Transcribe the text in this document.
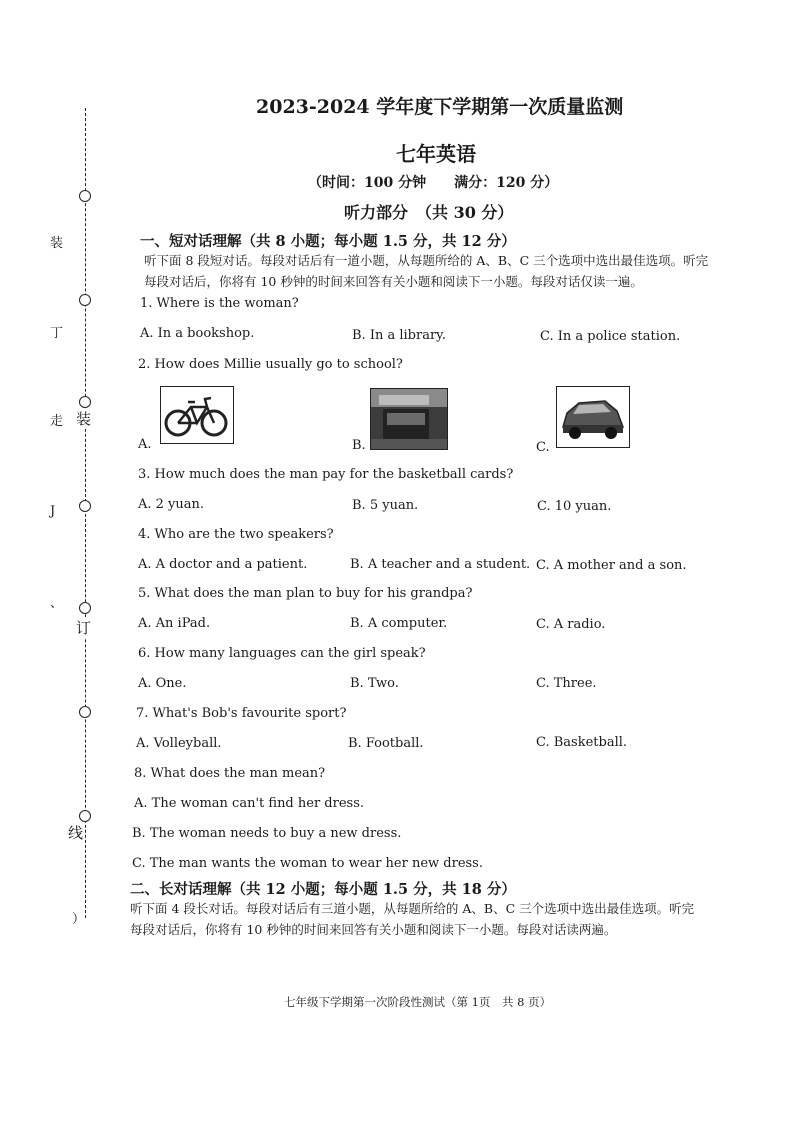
装
订
线
装
丁
走
J
、
）
2023-2024 学年度下学期第一次质量监测
七年英语
（时间：100 分钟　　满分：120 分）
听力部分　（共 30 分）
一、短对话理解（共 8 小题；每小题 1.5 分，共 12 分）
听下面 8 段短对话。每段对话后有一道小题，从每题所给的 A、B、C 三个选项中选出最佳选项。听完
每段对话后，你将有 10 秒钟的时间来回答有关小题和阅读下一小题。每段对话仅读一遍。
1. Where is the woman?
A. In a bookshop.	B. In a library.	C. In a police station.
2. How does Millie usually go to school?
A.	B.	C.
3. How much does the man pay for the basketball cards?
A. 2 yuan.	B. 5 yuan.	C. 10 yuan.
4. Who are the two speakers?
A. A doctor and a patient.	B. A teacher and a student. C. A mother and a son.
5. What does the man plan to buy for his grandpa?
A. An iPad.	B. A computer.	C. A radio.
6. How many languages can the girl speak?
A. One.	B. Two.	C. Three.
7. What's Bob's favourite sport?
A. Volleyball.	B. Football.	C. Basketball.
8. What does the man mean?
A. The woman can't find her dress.
B. The woman needs to buy a new dress.
C. The man wants the woman to wear her new dress.
二、长对话理解（共 12 小题；每小题 1.5 分，共 18 分）
听下面 4 段长对话。每段对话后有三道小题，从每题所给的 A、B、C 三个选项中选出最佳选项。听完
每段对话后，你将有 10 秒钟的时间来回答有关小题和阅读下一小题。每段对话读两遍。
七年级下学期第一次阶段性测试（第 1页　共 8 页）
